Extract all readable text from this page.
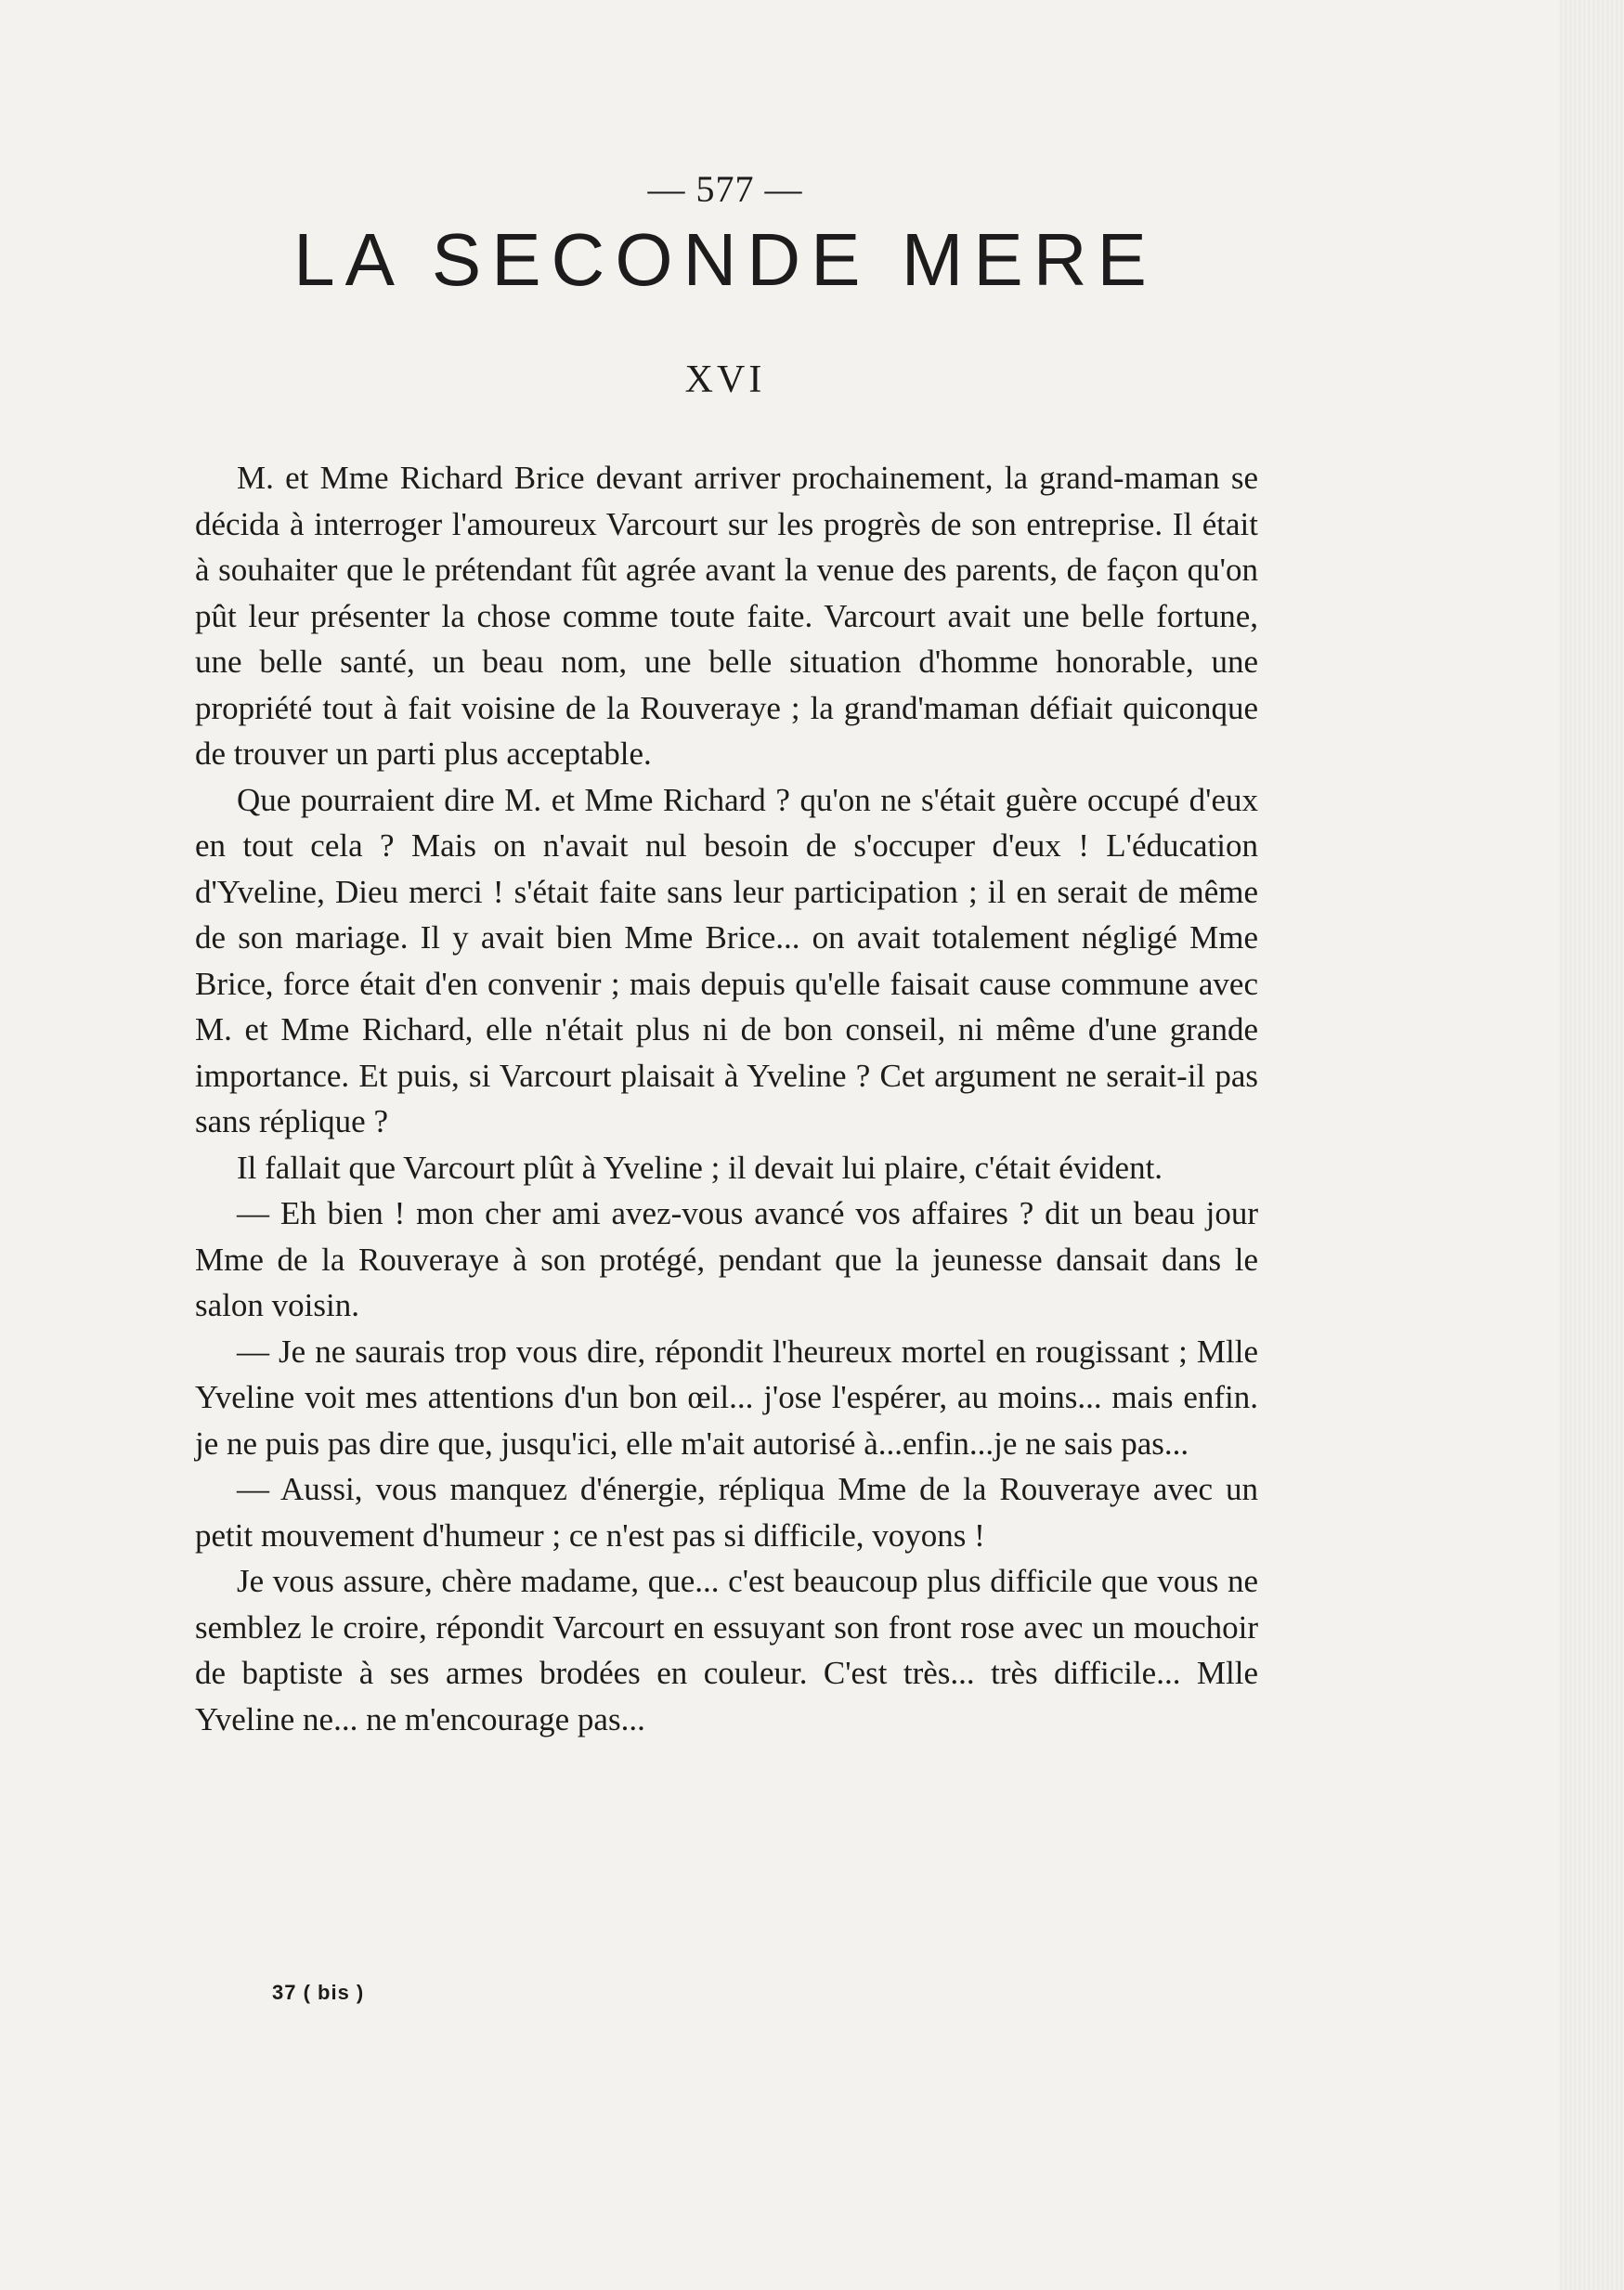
— 577 —
LA SECONDE MERE
XVI

M. et Mme Richard Brice devant arriver prochainement, la grand-maman se décida à interroger l'amoureux Varcourt sur les progrès de son entreprise. Il était à souhaiter que le prétendant fût agrée avant la venue des parents, de façon qu'on pût leur présenter la chose comme toute faite. Varcourt avait une belle fortune, une belle santé, un beau nom, une belle situation d'homme honorable, une propriété tout à fait voisine de la Rouveraye ; la grand'maman défiait quiconque de trouver un parti plus acceptable.

Que pourraient dire M. et Mme Richard ? qu'on ne s'était guère occupé d'eux en tout cela ? Mais on n'avait nul besoin de s'occuper d'eux ! L'éducation d'Yveline, Dieu merci ! s'était faite sans leur participation ; il en serait de même de son mariage. Il y avait bien Mme Brice... on avait totalement négligé Mme Brice, force était d'en convenir ; mais depuis qu'elle faisait cause commune avec M. et Mme Richard, elle n'était plus ni de bon conseil, ni même d'une grande importance. Et puis, si Varcourt plaisait à Yveline ? Cet argument ne serait-il pas sans réplique ?

Il fallait que Varcourt plût à Yveline ; il devait lui plaire, c'était évident.

— Eh bien ! mon cher ami avez-vous avancé vos affaires ? dit un beau jour Mme de la Rouveraye à son protégé, pendant que la jeunesse dansait dans le salon voisin.

— Je ne saurais trop vous dire, répondit l'heureux mortel en rougissant ; Mlle Yveline voit mes attentions d'un bon œil... j'ose l'espérer, au moins... mais enfin. je ne puis pas dire que, jusqu'ici, elle m'ait autorisé à...enfin...je ne sais pas...

— Aussi, vous manquez d'énergie, répliqua Mme de la Rouveraye avec un petit mouvement d'humeur ; ce n'est pas si difficile, voyons !

Je vous assure, chère madame, que... c'est beaucoup plus difficile que vous ne semblez le croire, répondit Varcourt en essuyant son front rose avec un mouchoir de baptiste à ses armes brodées en couleur. C'est très... très difficile... Mlle Yveline ne... ne m'encourage pas...

37 ( bis )
